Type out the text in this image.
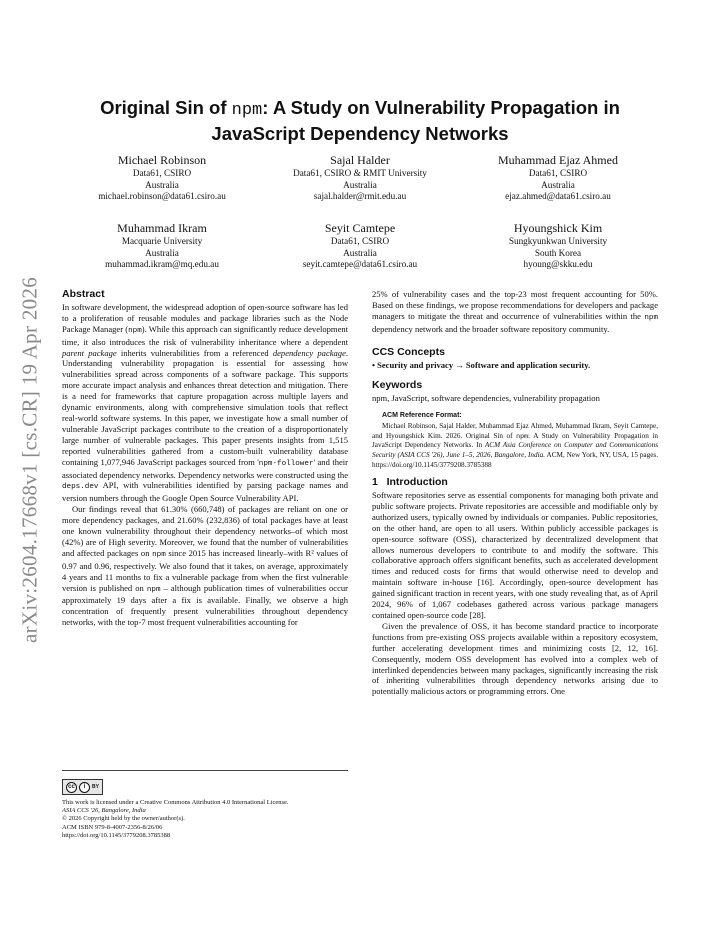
arXiv:2604.17668v1 [cs.CR] 19 Apr 2026
Original Sin of npm: A Study on Vulnerability Propagation in
JavaScript Dependency Networks
Michael Robinson
Data61, CSIRO
Australia
michael.robinson@data61.csiro.au
Sajal Halder
Data61, CSIRO & RMIT University
Australia
sajal.halder@rmit.edu.au
Muhammad Ejaz Ahmed
Data61, CSIRO
Australia
ejaz.ahmed@data61.csiro.au
Muhammad Ikram
Macquarie University
Australia
muhammad.ikram@mq.edu.au
Seyit Camtepe
Data61, CSIRO
Australia
seyit.camtepe@data61.csiro.au
Hyoungshick Kim
Sungkyunkwan University
South Korea
hyoung@skku.edu
Abstract

In software development, the widespread adoption of open-source software has led to a proliferation of reusable modules and package libraries such as the Node Package Manager (npm). While this approach can significantly reduce development time, it also introduces the risk of vulnerability inheritance where a dependent parent package inherits vulnerabilities from a referenced dependency package. Understanding vulnerability propagation is essential for assessing how vulnerabilities spread across components of a software package. This supports more accurate impact analysis and enhances threat detection and mitigation. There is a need for frameworks that capture propagation across multiple layers and dynamic environments, along with comprehensive simulation tools that reflect real-world software systems. In this paper, we investigate how a small number of vulnerable JavaScript packages contribute to the creation of a disproportionately large number of vulnerable packages. This paper presents insights from 1,515 reported vulnerabilities gathered from a custom-built vulnerability database containing 1,077,946 JavaScript packages sourced from 'npm-follower' and their associated dependency networks. Dependency networks were constructed using the deps.dev API, with vulnerabilities identified by parsing package names and version numbers through the Google Open Source Vulnerability API.

Our findings reveal that 61.30% (660,748) of packages are reliant on one or more dependency packages, and 21.60% (232,836) of total packages have at least one known vulnerability throughout their dependency networks–of which most (42%) are of High severity. Moreover, we found that the number of vulnerabilities and affected packages on npm since 2015 has increased linearly–with R² values of 0.97 and 0.96, respectively. We also found that it takes, on average, approximately 4 years and 11 months to fix a vulnerable package from when the first vulnerable version is published on npm – although publication times of vulnerabilities occur approximately 19 days after a fix is available. Finally, we observe a high concentration of frequently present vulnerabilities throughout dependency networks, with the top-7 most frequent vulnerabilities accounting for

cc	i	BY

This work is licensed under a Creative Commons Attribution 4.0 International License.

ASIA CCS '26, Bangalore, India

© 2026 Copyright held by the owner/author(s).

ACM ISBN 979-8-4007-2356-8/26/06

https://doi.org/10.1145/3779208.3785388

25% of vulnerability cases and the top-23 most frequent accounting for 50%. Based on these findings, we propose recommendations for developers and package managers to mitigate the threat and occurrence of vulnerabilities within the npm dependency network and the broader software repository community.

CCS Concepts

• Security and privacy → Software and application security.

Keywords

npm, JavaScript, software dependencies, vulnerability propagation

ACM Reference Format:

Michael Robinson, Sajal Halder, Muhammad Ejaz Ahmed, Muhammad Ikram, Seyit Camtepe, and Hyoungshick Kim. 2026. Original Sin of npm: A Study on Vulnerability Propagation in JavaScript Dependency Networks. In ACM Asia Conference on Computer and Communications Security (ASIA CCS '26), June 1–5, 2026, Bangalore, India. ACM, New York, NY, USA, 15 pages. https://doi.org/10.1145/3779208.3785388

1   Introduction

Software repositories serve as essential components for managing both private and public software projects. Private repositories are accessible and modifiable only by authorized users, typically owned by individuals or companies. Public repositories, on the other hand, are open to all users. Within publicly accessible packages is open-source software (OSS), characterized by decentralized development that allows numerous developers to contribute to and modify the software. This collaborative approach offers significant benefits, such as accelerated development times and reduced costs for firms that would otherwise need to develop and maintain software in-house [16]. Accordingly, open-source development has gained significant traction in recent years, with one study revealing that, as of April 2024, 96% of 1,067 codebases gathered across various package managers contained open-source code [28].

Given the prevalence of OSS, it has become standard practice to incorporate functions from pre-existing OSS projects available within a repository ecosystem, further accelerating development times and minimizing costs [2, 12, 16]. Consequently, modern OSS development has evolved into a complex web of interlinked dependencies between many packages, significantly increasing the risk of inheriting vulnerabilities through dependency networks arising due to potentially malicious actors or programming errors. One
